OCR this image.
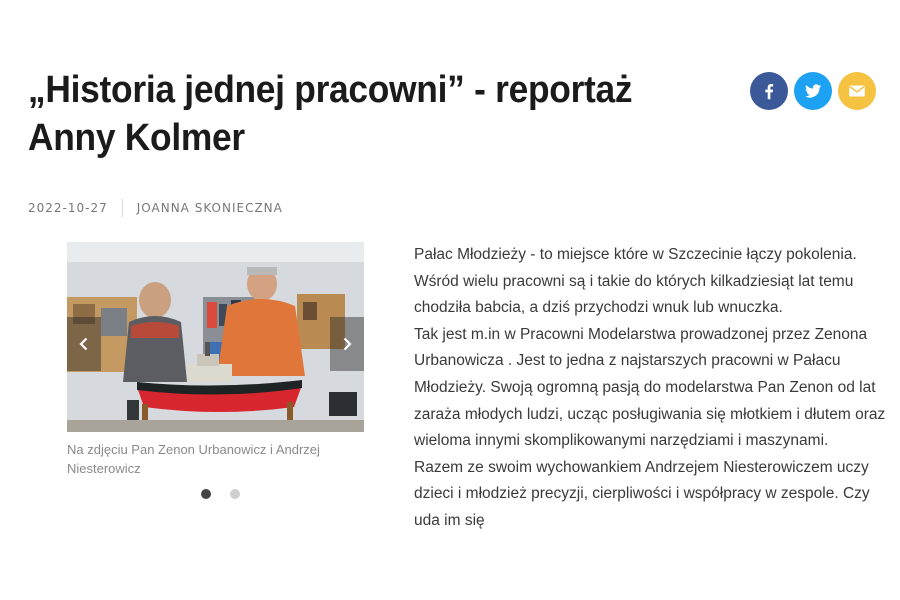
„Historia jednej pracowni” - reportaż Anny Kolmer
2022-10-27 JOANNA SKONIECZNA
Na zdjęciu Pan Zenon Urbanowicz i Andrzej Niesterowicz

Pałac Młodzieży - to miejsce które w Szczecinie łączy pokolenia. Wśród wielu pracowni są i takie do których kilkadziesiąt lat temu chodziła babcia, a dziś przychodzi wnuk lub wnuczka.

Tak jest m.in w Pracowni Modelarstwa prowadzonej przez Zenona Urbanowicza . Jest to jedna z najstarszych pracowni w Pałacu Młodzieży. Swoją ogromną pasją do modelarstwa Pan Zenon od lat zaraża młodych ludzi, ucząc posługiwania się młotkiem i dłutem oraz wieloma innymi skomplikowanymi narzędziami i maszynami.

Razem ze swoim wychowankiem Andrzejem Niesterowiczem uczy dzieci i młodzież precyzji, cierpliwości i współpracy w zespole. Czy uda im się
